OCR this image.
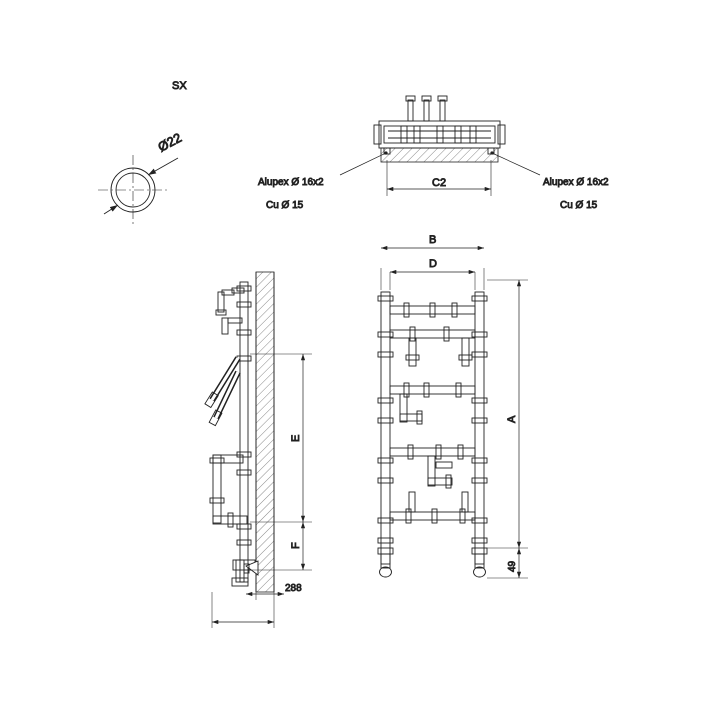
Ø22
SX
C2
Alupex Ø 16x2
Cu Ø 15
Alupex Ø 16x2
Cu Ø 15
E
F
288
B
D
A
49
